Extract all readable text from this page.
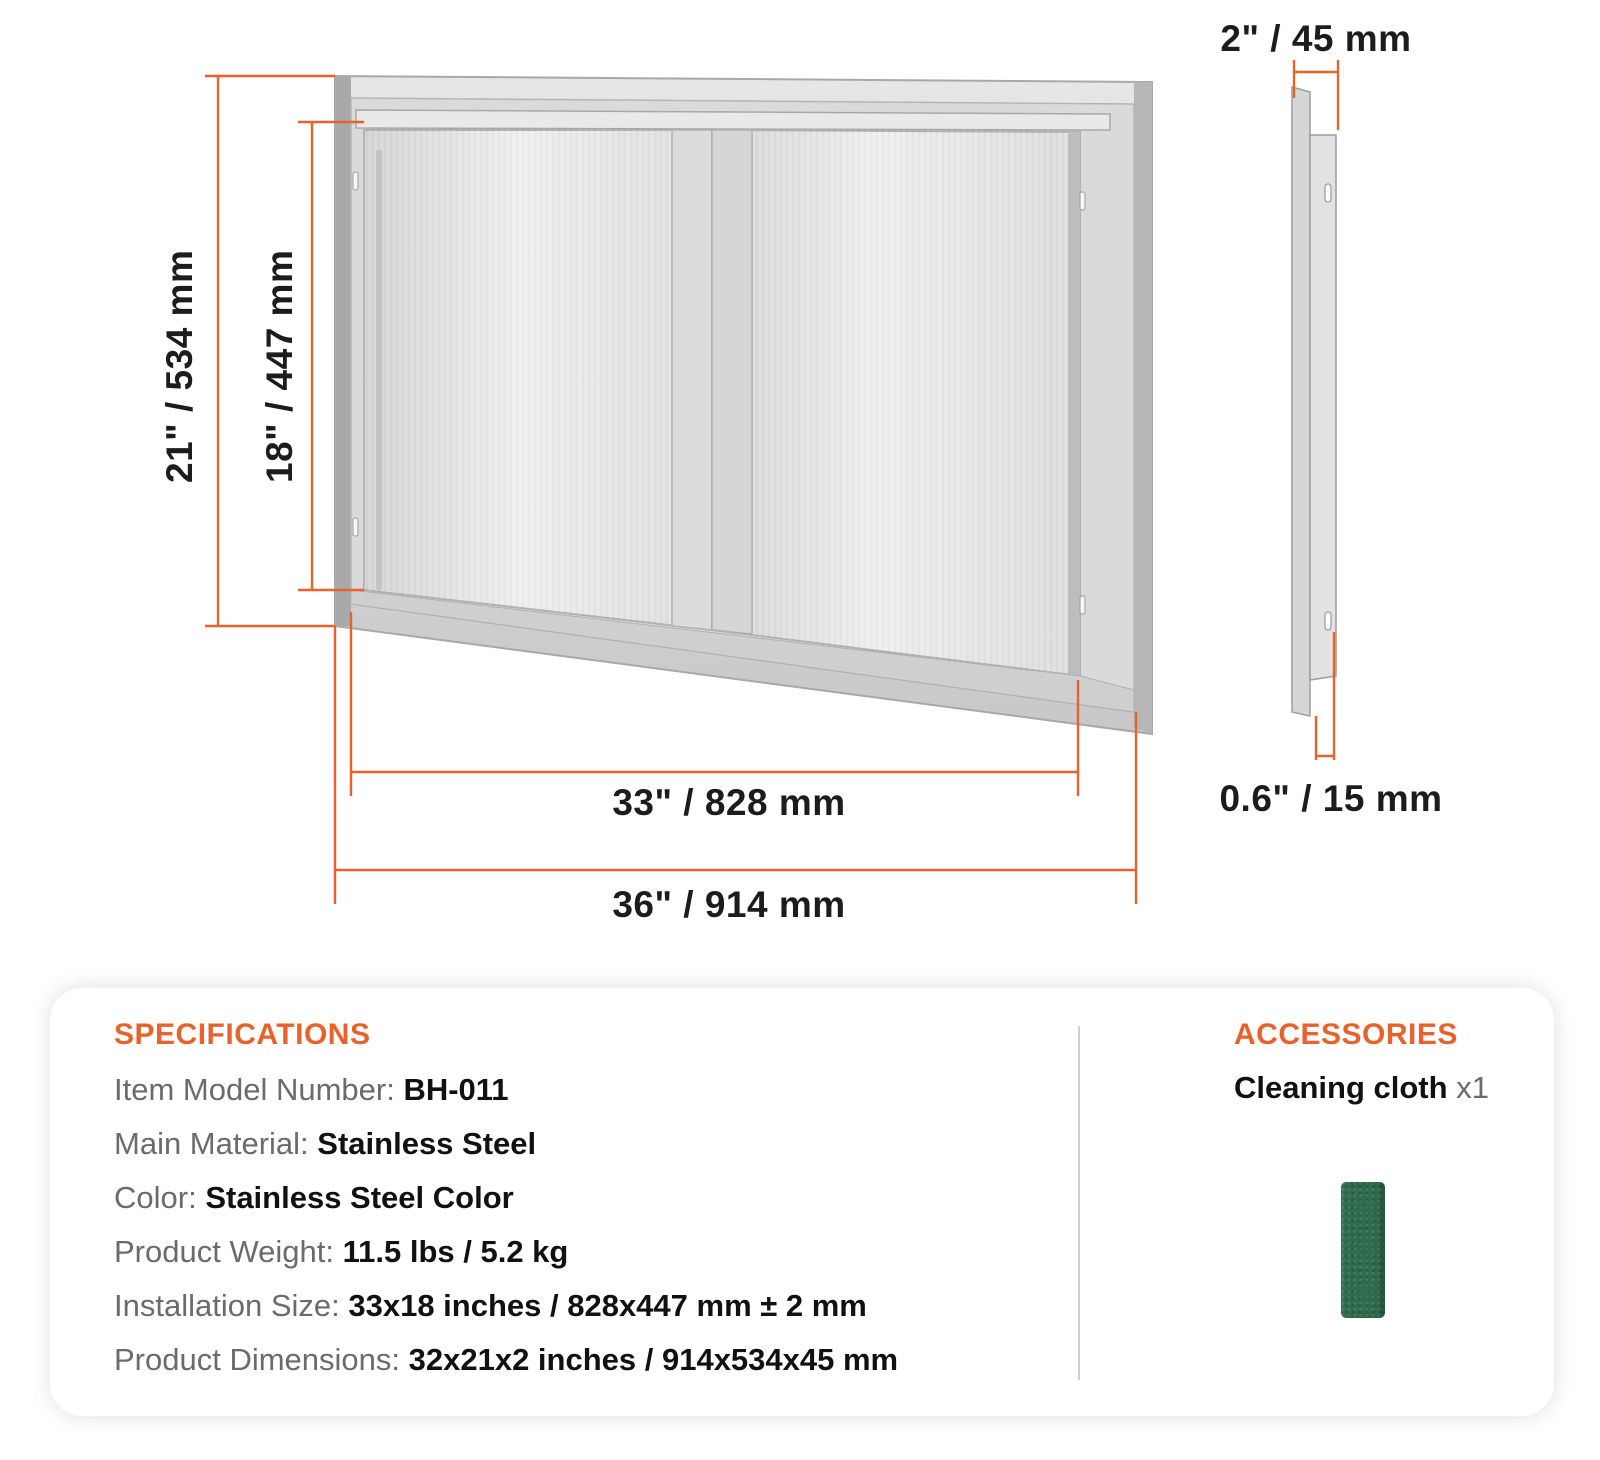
21" / 534 mm 18" / 447 mm
33" / 828 mm
36" / 914 mm
2" / 45 mm
0.6" / 15 mm
SPECIFICATIONS
Item Model Number: BH-011
Main Material: Stainless Steel
Color: Stainless Steel Color
Product Weight: 11.5 lbs / 5.2 kg
Installation Size: 33x18 inches / 828x447 mm ± 2 mm
Product Dimensions: 32x21x2 inches / 914x534x45 mm
ACCESSORIES
Cleaning cloth x1
